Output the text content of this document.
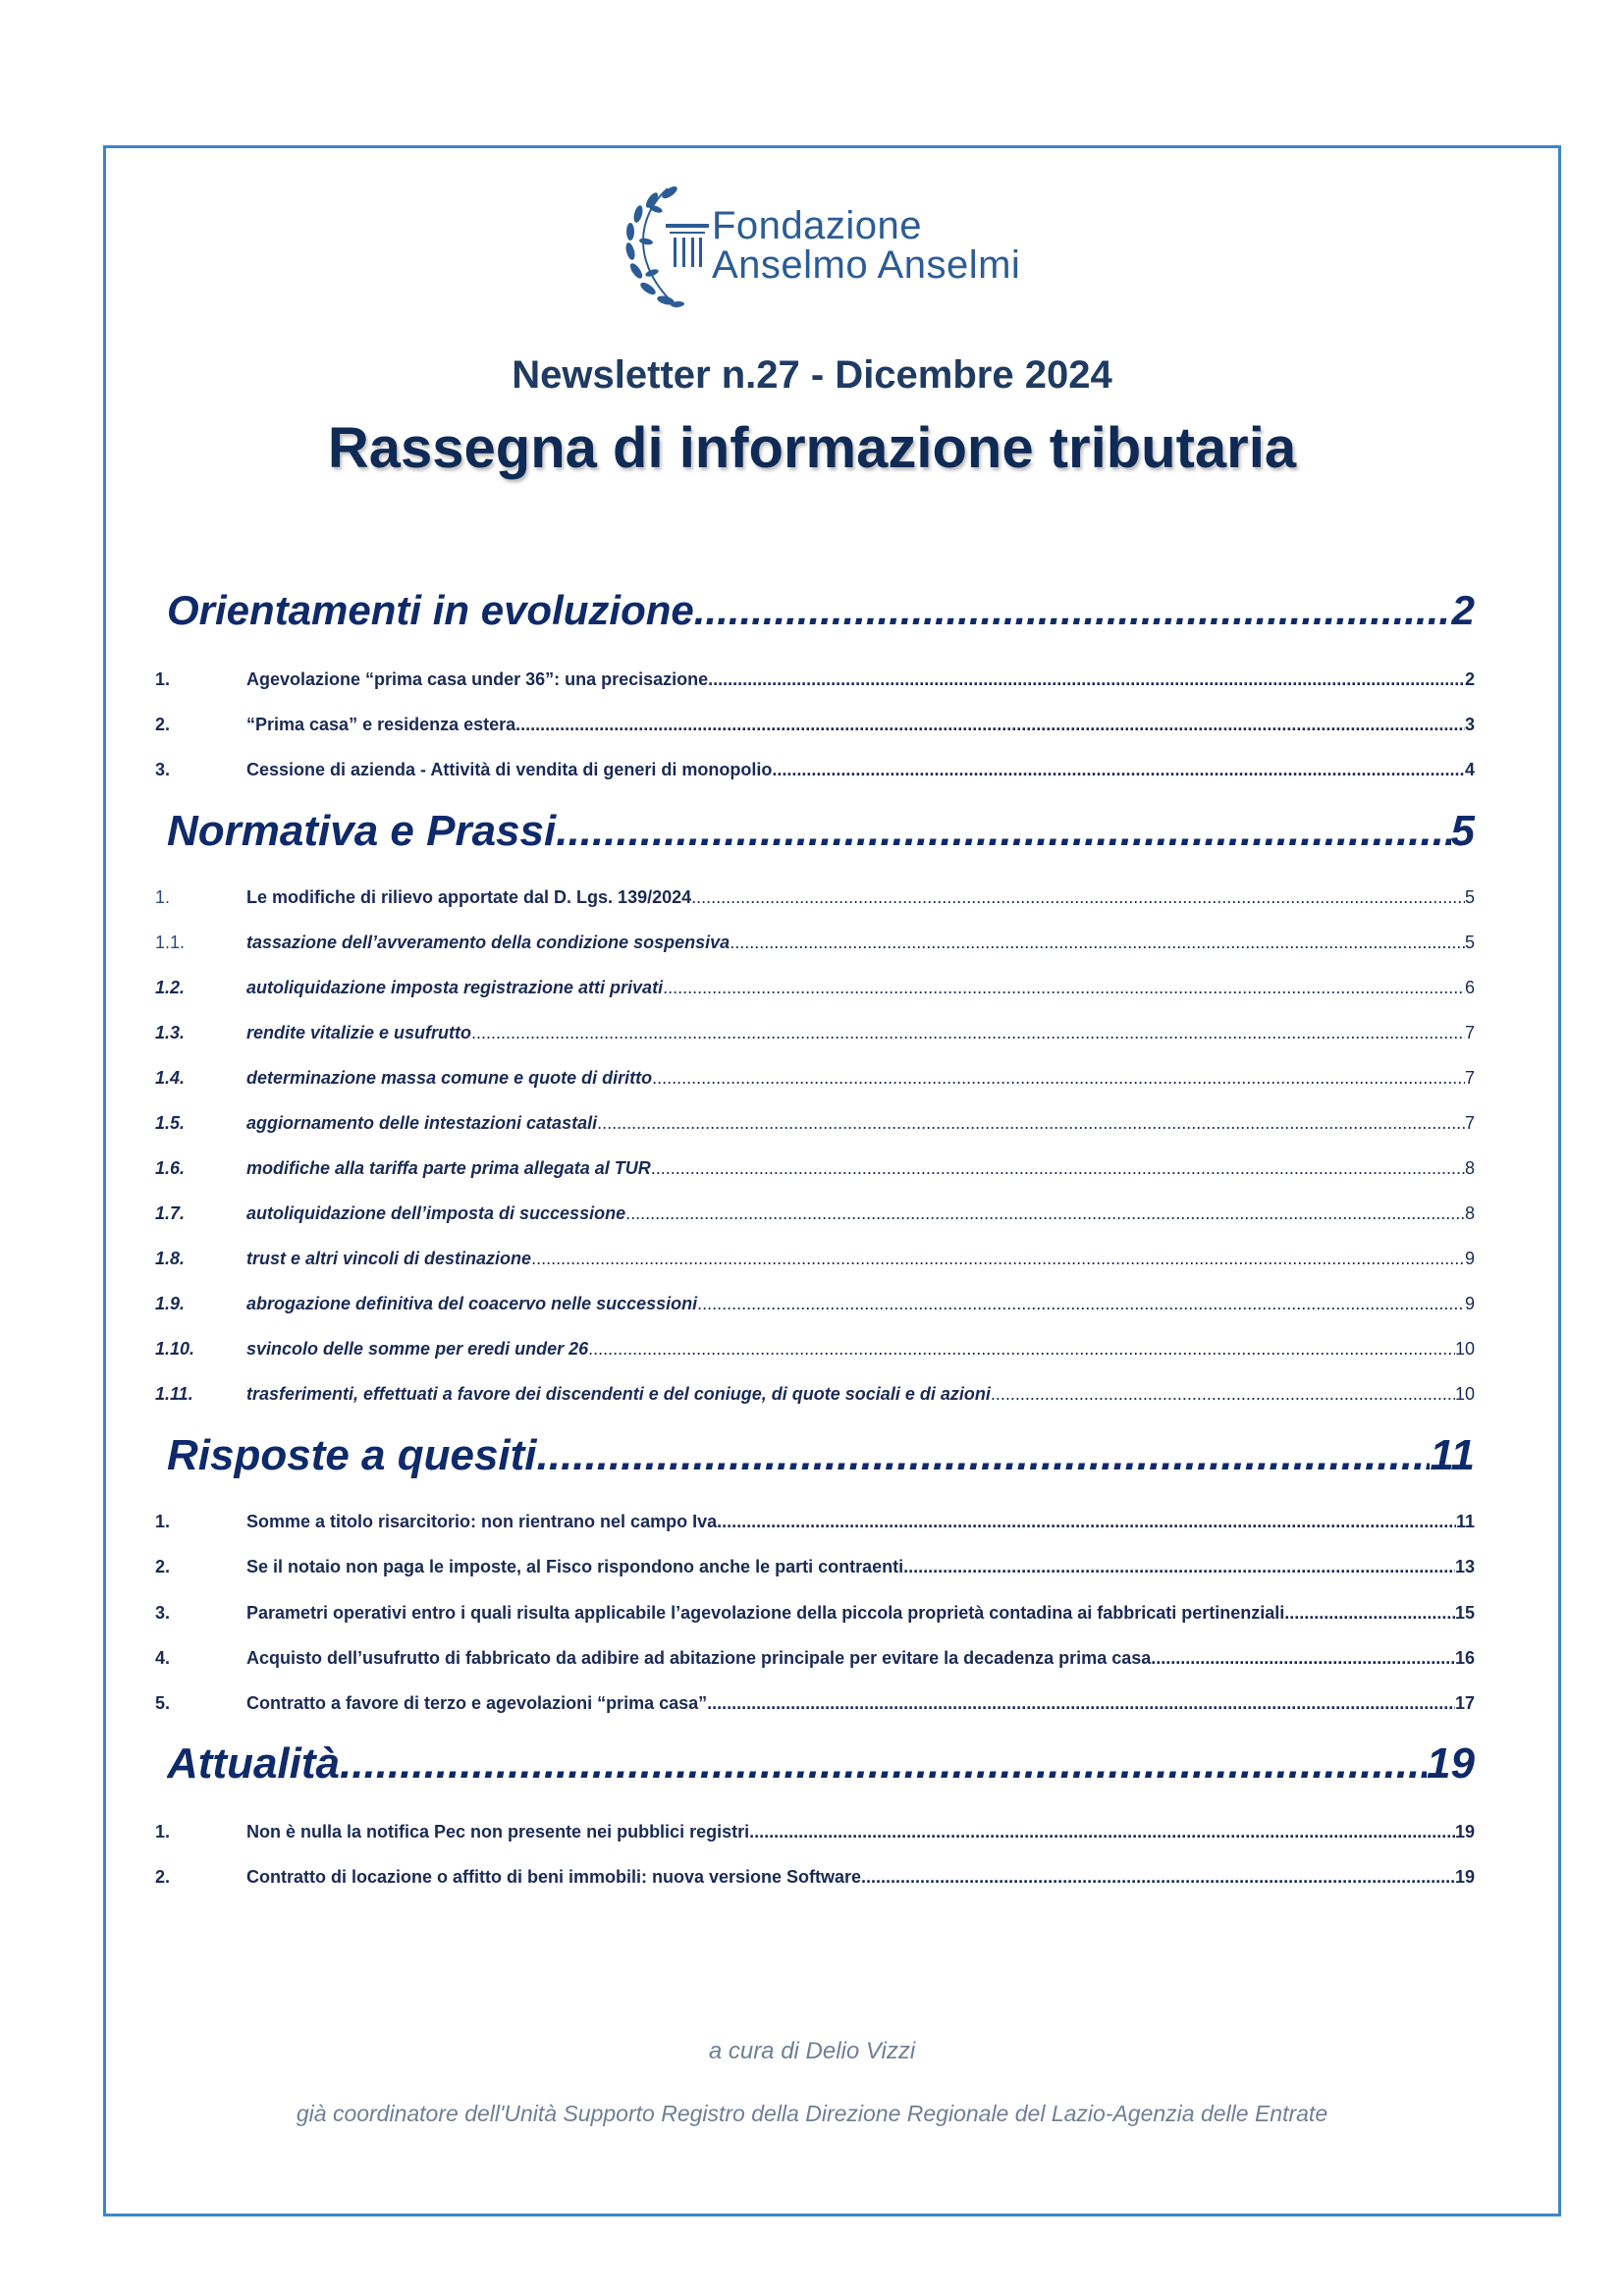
Fondazione
Anselmo Anselmi
Newsletter n.27 - Dicembre 2024
Rassegna di informazione tributaria
Orientamenti in evoluzione .....	2
1.	Agevolazione “prima casa under 36”: una precisazione .....	2
2.	“Prima casa” e residenza estera .....	3
3.	Cessione di azienda - Attività di vendita di generi di monopolio .....	4
Normativa e Prassi .....	5
1.	Le modifiche di rilievo apportate dal D. Lgs. 139/2024 .....	5
1.1.	tassazione dell’avveramento della condizione sospensiva .....	5
1.2.	autoliquidazione imposta registrazione atti privati .....	6
1.3.	rendite vitalizie e usufrutto .....	7
1.4.	determinazione massa comune e quote di diritto .....	7
1.5.	aggiornamento delle intestazioni catastali .....	7
1.6.	modifiche alla tariffa parte prima allegata al TUR .....	8
1.7.	autoliquidazione dell’imposta di successione .....	8
1.8.	trust e altri vincoli di destinazione .....	9
1.9.	abrogazione definitiva del coacervo nelle successioni .....	9
1.10.	svincolo delle somme per eredi under 26 .....	10
1.11.	trasferimenti, effettuati a favore dei discendenti e del coniuge, di quote sociali e di azioni .....	10
Risposte a quesiti .....	11
1.	Somme a titolo risarcitorio: non rientrano nel campo Iva .....	11
2.	Se il notaio non paga le imposte, al Fisco rispondono anche le parti contraenti .....	13
3.	Parametri operativi entro i quali risulta applicabile l’agevolazione della piccola proprietà contadina ai fabbricati pertinenziali .....	15
4.	Acquisto dell’usufrutto di fabbricato da adibire ad abitazione principale per evitare la decadenza prima casa .....	16
5.	Contratto a favore di terzo e agevolazioni “prima casa” .....	17
Attualità .....	19
1.	Non è nulla la notifica Pec non presente nei pubblici registri .....	19
2.	Contratto di locazione o affitto di beni immobili: nuova versione Software .....	19
a cura di Delio Vizzi
già coordinatore dell'Unità Supporto Registro della Direzione Regionale del Lazio-Agenzia delle Entrate
